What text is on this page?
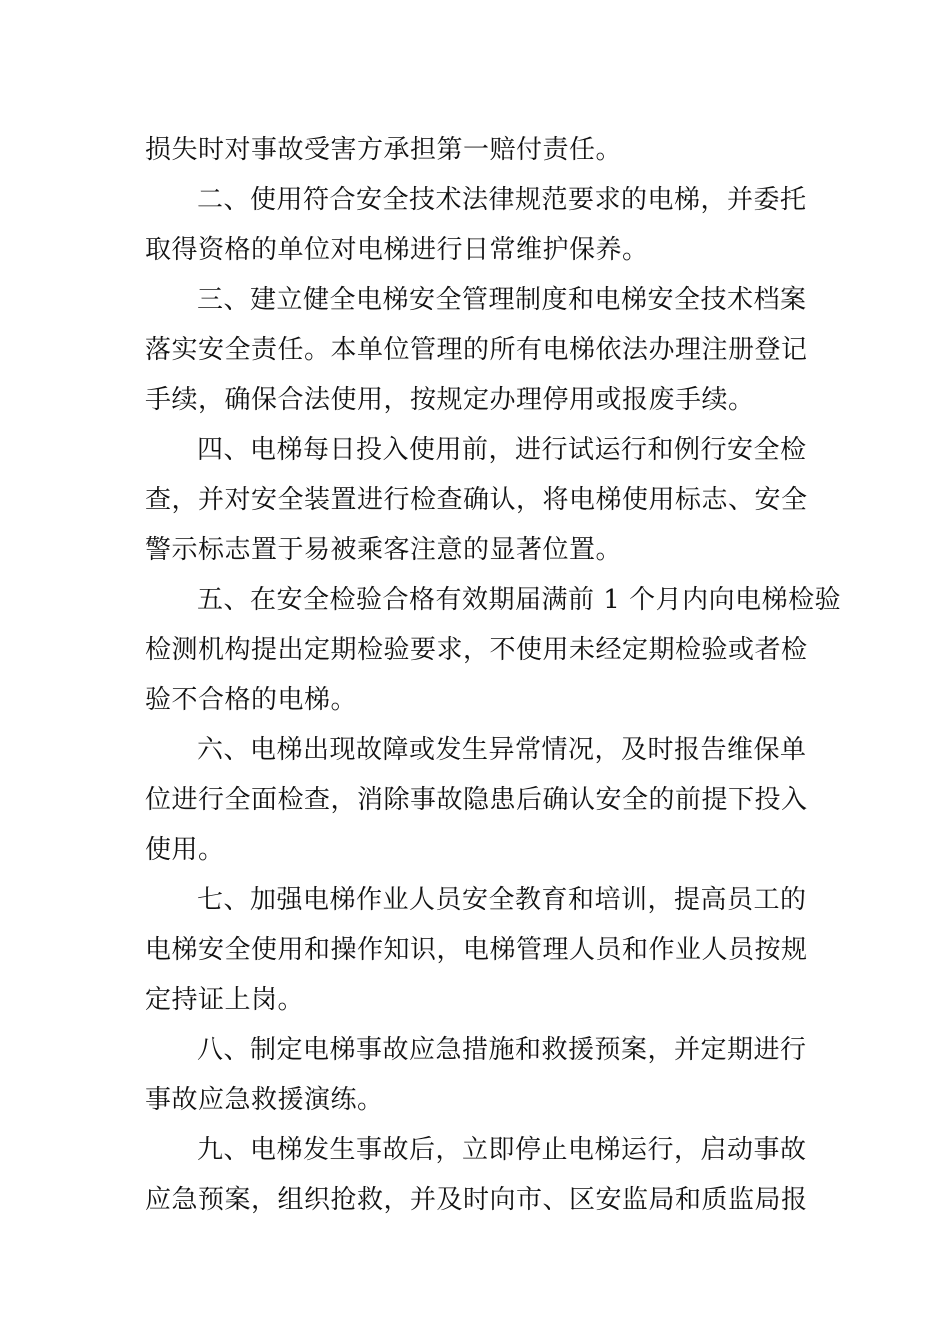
损失时对事故受害方承担第一赔付责任。
二、使用符合安全技术法律规范要求的电梯，并委托
取得资格的单位对电梯进行日常维护保养。
三、建立健全电梯安全管理制度和电梯安全技术档案
落实安全责任。本单位管理的所有电梯依法办理注册登记
手续，确保合法使用，按规定办理停用或报废手续。
四、电梯每日投入使用前，进行试运行和例行安全检
查，并对安全装置进行检查确认，将电梯使用标志、安全
警示标志置于易被乘客注意的显著位置。
五、在安全检验合格有效期届满前 1 个月内向电梯检验
检测机构提出定期检验要求，不使用未经定期检验或者检
验不合格的电梯。
六、电梯出现故障或发生异常情况，及时报告维保单
位进行全面检查，消除事故隐患后确认安全的前提下投入
使用。
七、加强电梯作业人员安全教育和培训，提高员工的
电梯安全使用和操作知识，电梯管理人员和作业人员按规
定持证上岗。
八、制定电梯事故应急措施和救援预案，并定期进行
事故应急救援演练。
九、电梯发生事故后，立即停止电梯运行，启动事故
应急预案，组织抢救，并及时向市、区安监局和质监局报
